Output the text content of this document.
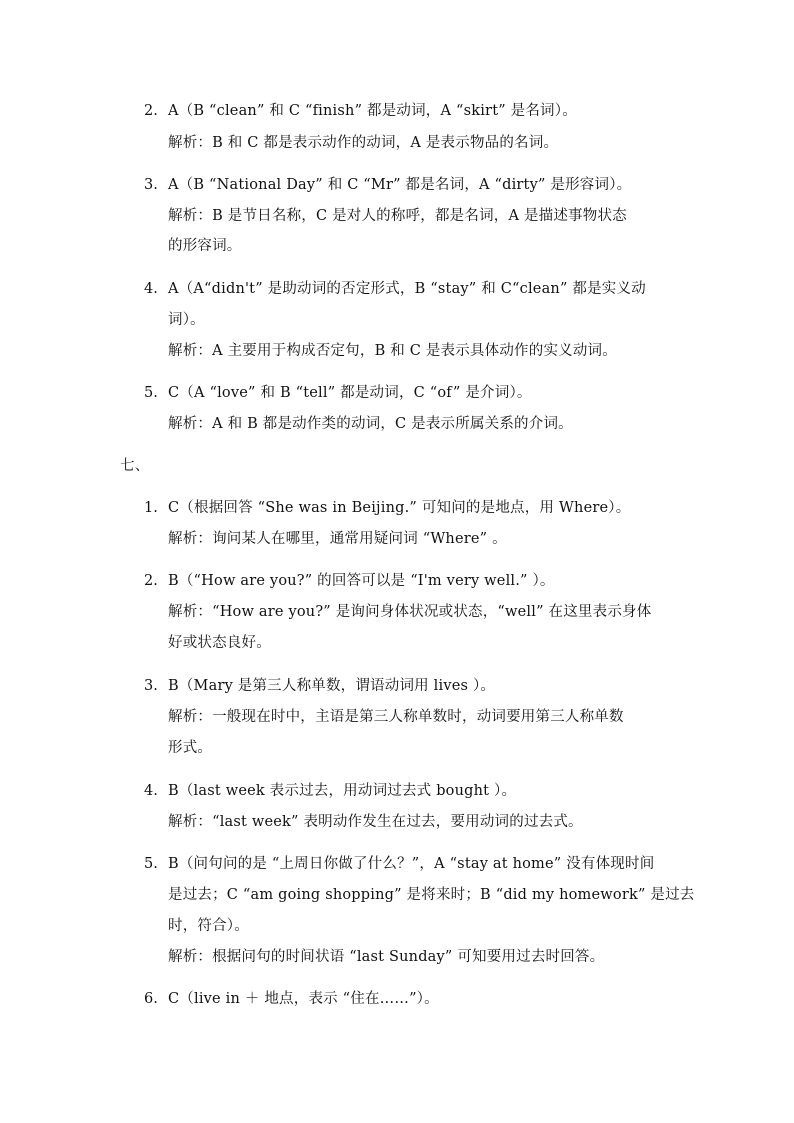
2. A（B “clean” 和 C “finish” 都是动词，A “skirt” 是名词）。
解析：B 和 C 都是表示动作的动词，A 是表示物品的名词。
3. A（B “National Day” 和 C “Mr” 都是名词，A “dirty” 是形容词）。
解析：B 是节日名称，C 是对人的称呼，都是名词，A 是描述事物状态
的形容词。
4. A（A“didn't” 是助动词的否定形式，B “stay” 和 C“clean” 都是实义动
词）。
解析：A 主要用于构成否定句，B 和 C 是表示具体动作的实义动词。
5. C（A “love” 和 B “tell” 都是动词，C “of” 是介词）。
解析：A 和 B 都是动作类的动词，C 是表示所属关系的介词。
七、
1. C（根据回答 “She was in Beijing.” 可知问的是地点，用 Where）。
解析：询问某人在哪里，通常用疑问词 “Where” 。
2. B（“How are you?” 的回答可以是 “I'm very well.” ）。
解析：“How are you?” 是询问身体状况或状态，“well” 在这里表示身体
好或状态良好。
3. B（Mary 是第三人称单数，谓语动词用 lives ）。
解析：一般现在时中，主语是第三人称单数时，动词要用第三人称单数
形式。
4. B（last week 表示过去，用动词过去式 bought ）。
解析：“last week” 表明动作发生在过去，要用动词的过去式。
5. B（问句问的是 “上周日你做了什么？”，A “stay at home” 没有体现时间
是过去；C “am going shopping” 是将来时；B “did my homework” 是过去
时，符合）。
解析：根据问句的时间状语 “last Sunday” 可知要用过去时回答。
6. C（live in ＋ 地点，表示 “住在……”）。
